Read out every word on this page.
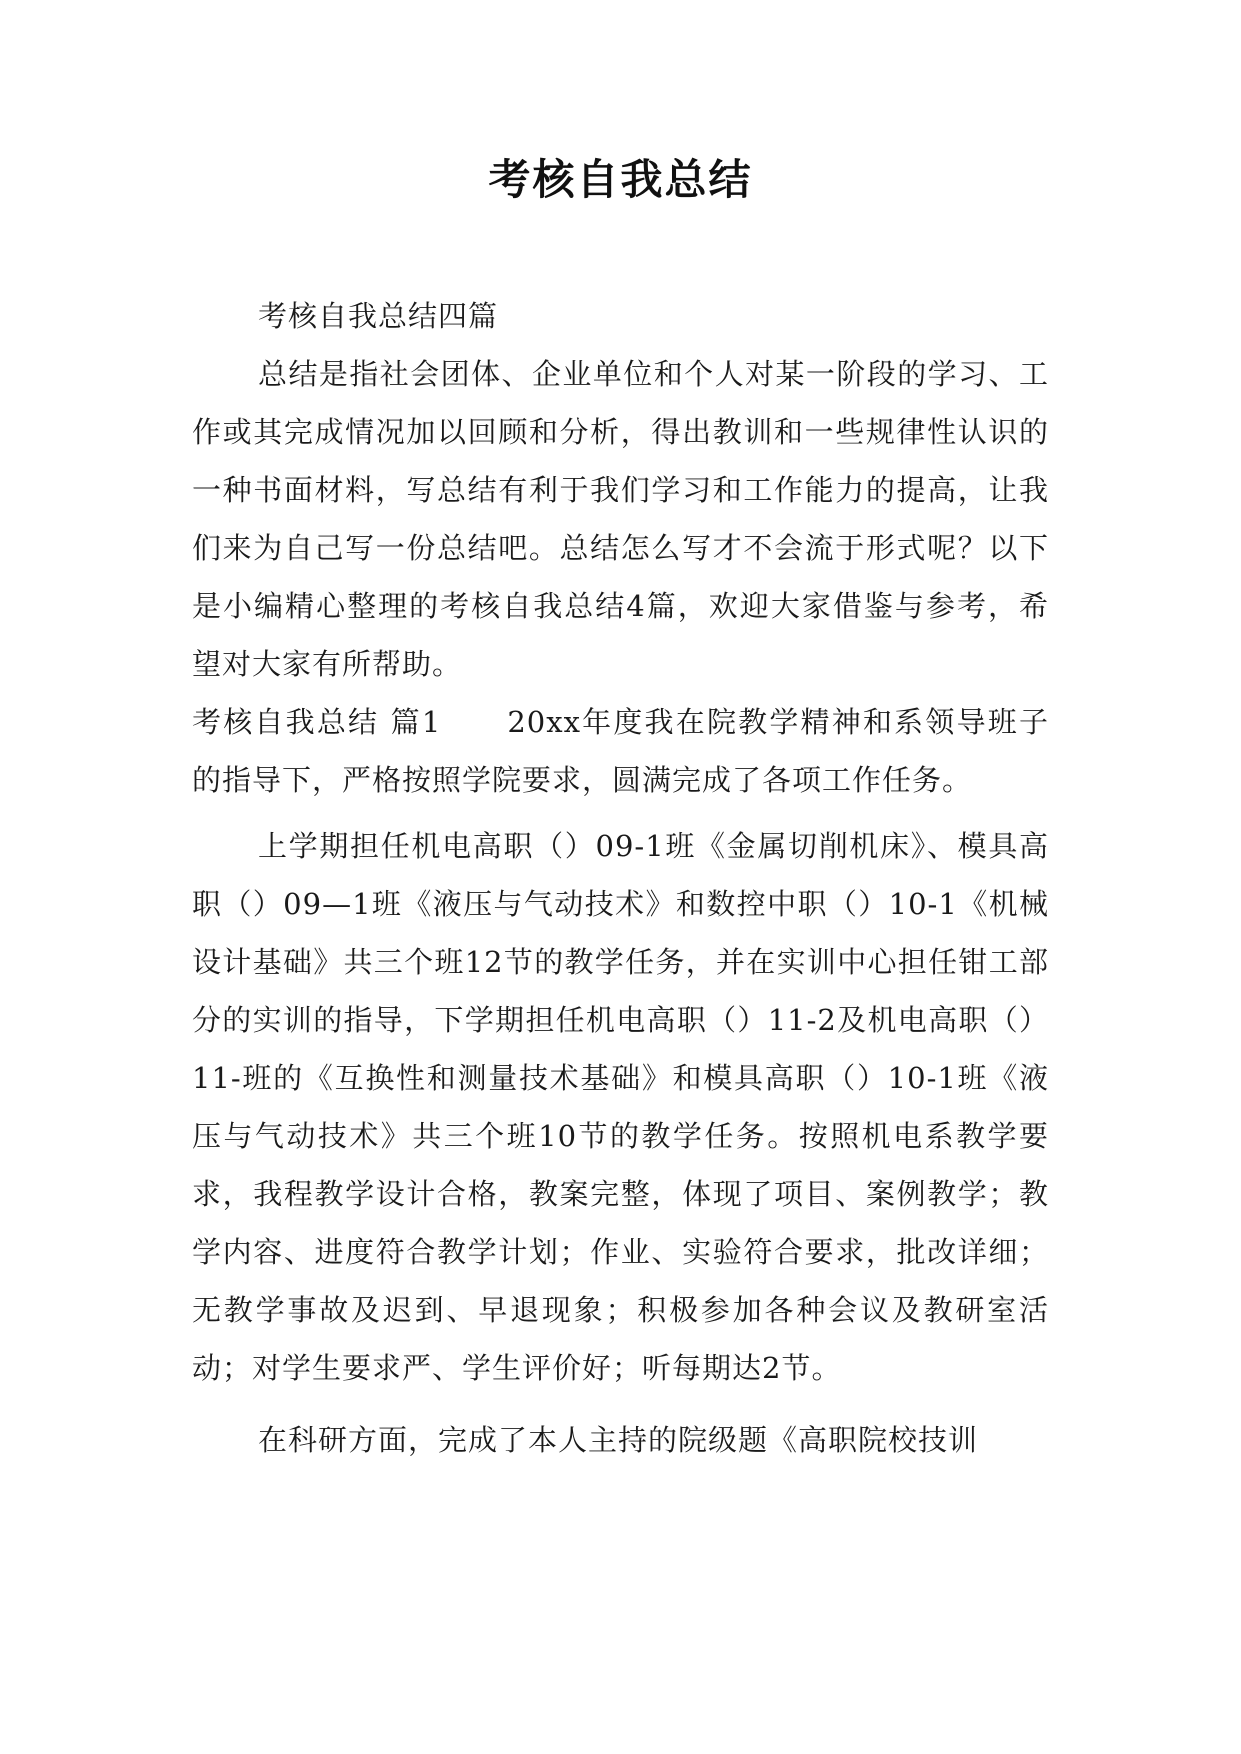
考核自我总结

考核自我总结四篇

总结是指社会团体、企业单位和个人对某一阶段的学习、工作或其完成情况加以回顾和分析，得出教训和一些规律性认识的一种书面材料，写总结有利于我们学习和工作能力的提高，让我们来为自己写一份总结吧。总结怎么写才不会流于形式呢？以下是小编精心整理的考核自我总结4篇，欢迎大家借鉴与参考，希望对大家有所帮助。

考核自我总结 篇1 20xx年度我在院教学精神和系领导班子的指导下，严格按照学院要求，圆满完成了各项工作任务。

上学期担任机电高职（）09-1班《金属切削机床》、模具高职（）09—1班《液压与气动技术》和数控中职（）10-1《机械设计基础》共三个班12节的教学任务，并在实训中心担任钳工部分的实训的指导，下学期担任机电高职（）11-2及机电高职（）11-班的《互换性和测量技术基础》和模具高职（）10-1班《液压与气动技术》共三个班10节的教学任务。按照机电系教学要求，我程教学设计合格，教案完整，体现了项目、案例教学；教学内容、进度符合教学计划；作业、实验符合要求，批改详细；无教学事故及迟到、早退现象；积极参加各种会议及教研室活动；对学生要求严、学生评价好；听每期达2节。

在科研方面，完成了本人主持的院级题《高职院校技训
